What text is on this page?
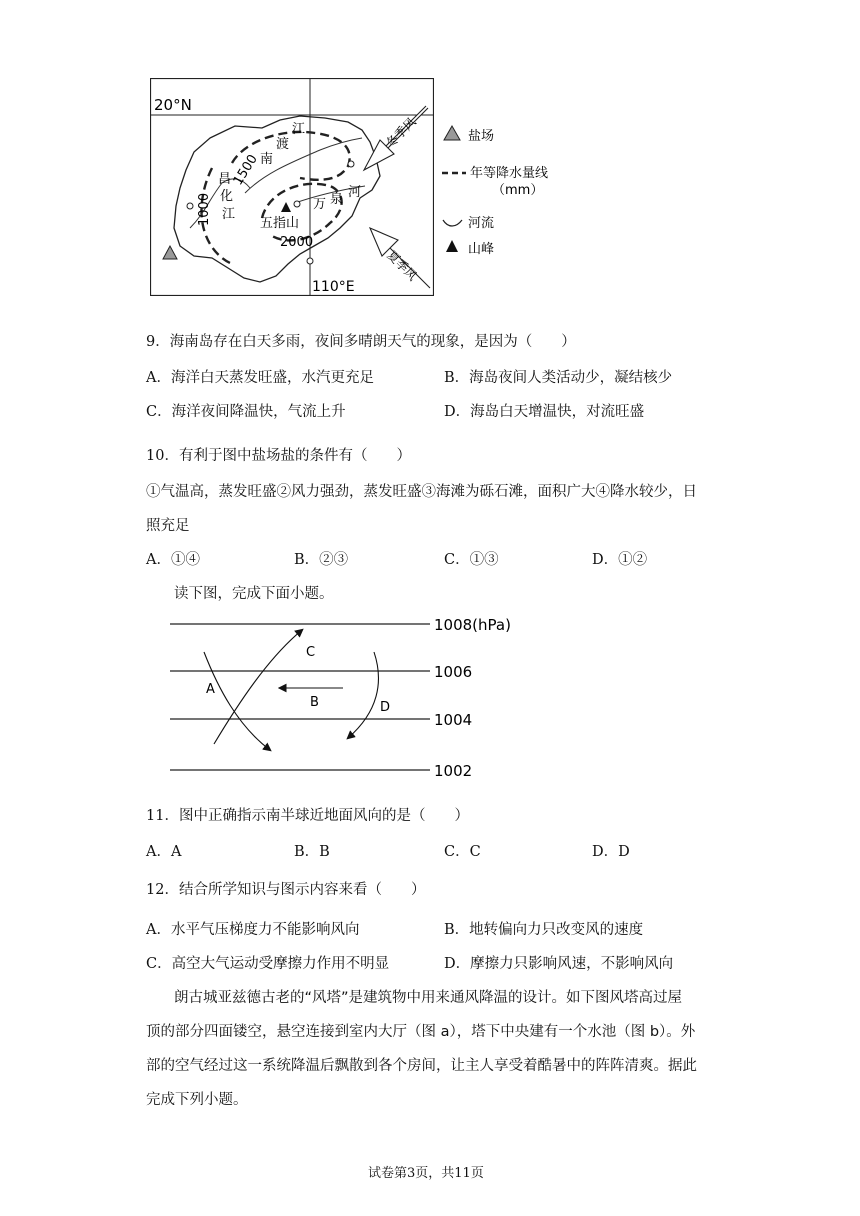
20°N
110°E
南
渡
江
昌
化
江
万 泉 河
1000
1500
2000
五指山
冬季风
夏季风
盐场
年等降水量线
（mm）
河流
山峰
9．海南岛存在白天多雨，夜间多晴朗天气的现象，是因为（　　）
A．海洋白天蒸发旺盛，水汽更充足	B．海岛夜间人类活动少，凝结核少
C．海洋夜间降温快，气流上升	D．海岛白天增温快，对流旺盛
10．有利于图中盐场盐的条件有（　　）
①气温高，蒸发旺盛②风力强劲，蒸发旺盛③海滩为砾石滩，面积广大④降水较少，日
照充足
A．①④	B．②③	C．①③	D．①②
读下图，完成下面小题。
1008(hPa)
1006
1004
1002
A
B
C
D
11．图中正确指示南半球近地面风向的是（　　）
A．A	B．B	C．C	D．D
12．结合所学知识与图示内容来看（　　）
A．水平气压梯度力不能影响风向	B．地转偏向力只改变风的速度
C．高空大气运动受摩擦力作用不明显	D．摩擦力只影响风速，不影响风向
朗古城亚兹德古老的“风塔”是建筑物中用来通风降温的设计。如下图风塔高过屋
顶的部分四面镂空，悬空连接到室内大厅（图 a），塔下中央建有一个水池（图 b）。外
部的空气经过这一系统降温后飘散到各个房间，让主人享受着酷暑中的阵阵清爽。据此
完成下列小题。
试卷第3页，共11页
